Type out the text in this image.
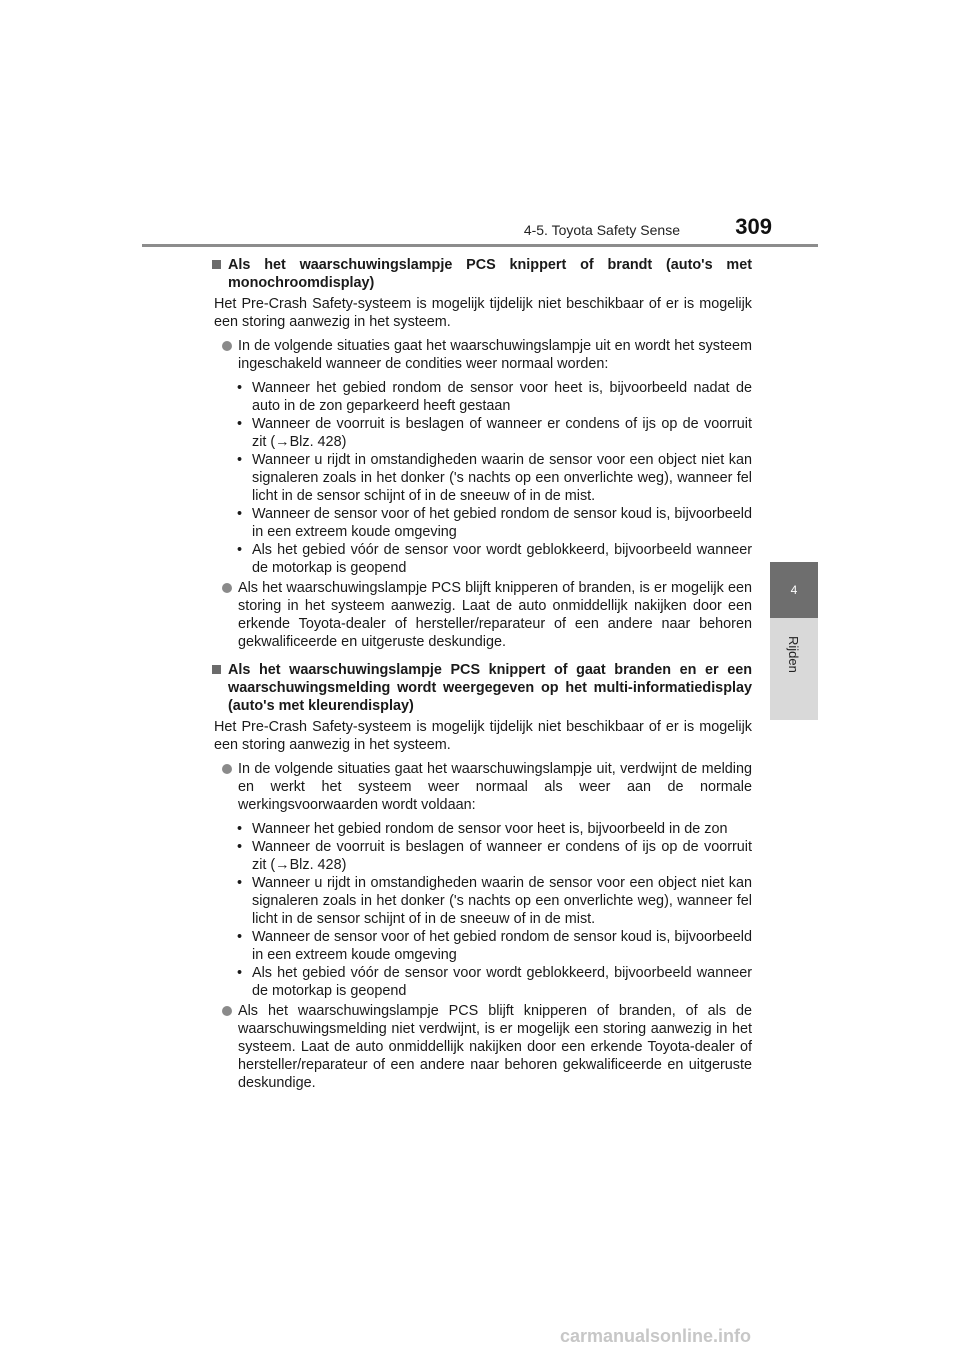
4-5. Toyota Safety Sense	309
4
Rijden
Als het waarschuwingslampje PCS knippert of brandt (auto's met monochroomdisplay)
Het Pre-Crash Safety-systeem is mogelijk tijdelijk niet beschikbaar of er is mogelijk een storing aanwezig in het systeem.
In de volgende situaties gaat het waarschuwingslampje uit en wordt het systeem ingeschakeld wanneer de condities weer normaal worden:
• Wanneer het gebied rondom de sensor voor heet is, bijvoorbeeld nadat de auto in de zon geparkeerd heeft gestaan
• Wanneer de voorruit is beslagen of wanneer er condens of ijs op de voorruit zit (→Blz. 428)
• Wanneer u rijdt in omstandigheden waarin de sensor voor een object niet kan signaleren zoals in het donker ('s nachts op een onverlichte weg), wanneer fel licht in de sensor schijnt of in de sneeuw of in de mist.
• Wanneer de sensor voor of het gebied rondom de sensor koud is, bijvoorbeeld in een extreem koude omgeving
• Als het gebied vóór de sensor voor wordt geblokkeerd, bijvoorbeeld wanneer de motorkap is geopend
Als het waarschuwingslampje PCS blijft knipperen of branden, is er mogelijk een storing in het systeem aanwezig. Laat de auto onmiddellijk nakijken door een erkende Toyota-dealer of hersteller/reparateur of een andere naar behoren gekwalificeerde en uitgeruste deskundige.
Als het waarschuwingslampje PCS knippert of gaat branden en er een waarschuwingsmelding wordt weergegeven op het multi-informatiedisplay (auto's met kleurendisplay)
Het Pre-Crash Safety-systeem is mogelijk tijdelijk niet beschikbaar of er is mogelijk een storing aanwezig in het systeem.
In de volgende situaties gaat het waarschuwingslampje uit, verdwijnt de melding en werkt het systeem weer normaal als weer aan de normale werkingsvoorwaarden wordt voldaan:
• Wanneer het gebied rondom de sensor voor heet is, bijvoorbeeld in de zon
• Wanneer de voorruit is beslagen of wanneer er condens of ijs op de voorruit zit (→Blz. 428)
• Wanneer u rijdt in omstandigheden waarin de sensor voor een object niet kan signaleren zoals in het donker ('s nachts op een onverlichte weg), wanneer fel licht in de sensor schijnt of in de sneeuw of in de mist.
• Wanneer de sensor voor of het gebied rondom de sensor koud is, bijvoorbeeld in een extreem koude omgeving
• Als het gebied vóór de sensor voor wordt geblokkeerd, bijvoorbeeld wanneer de motorkap is geopend
Als het waarschuwingslampje PCS blijft knipperen of branden, of als de waarschuwingsmelding niet verdwijnt, is er mogelijk een storing aanwezig in het systeem. Laat de auto onmiddellijk nakijken door een erkende Toyota-dealer of hersteller/reparateur of een andere naar behoren gekwalificeerde en uitgeruste deskundige.
carmanualsonline.info
